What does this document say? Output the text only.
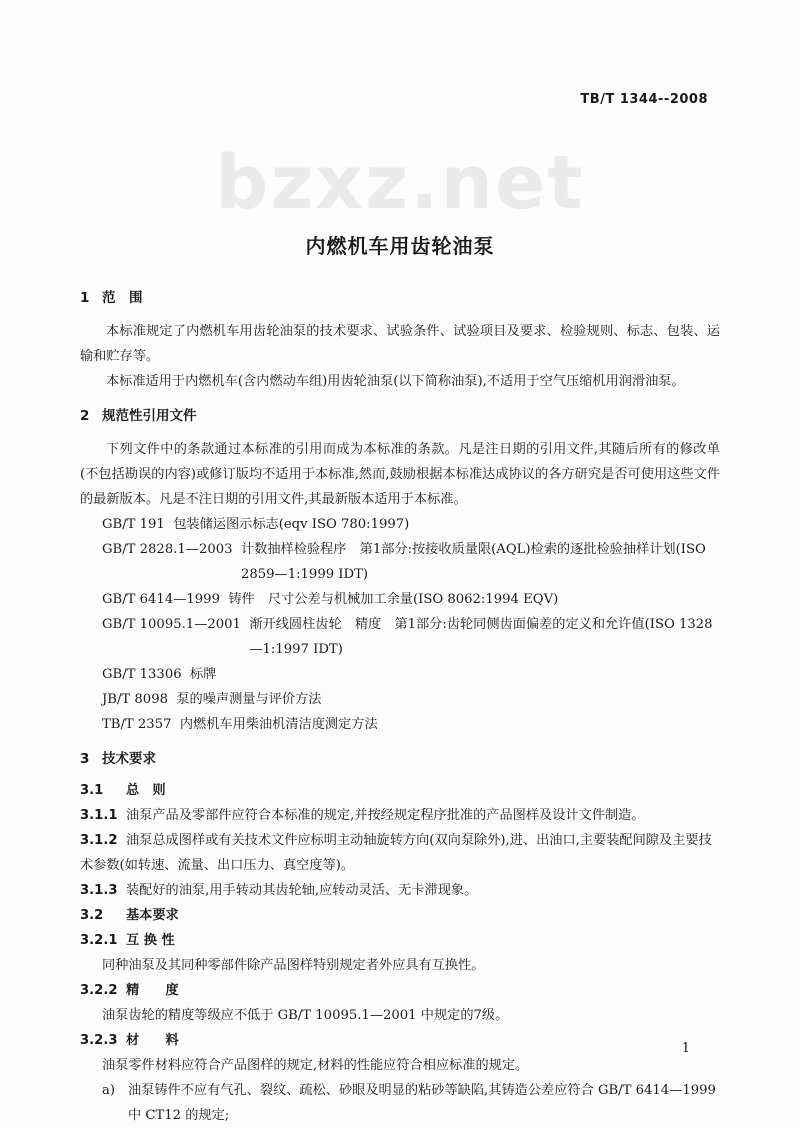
TB/T 1344--2008
bzxz.net
内燃机车用齿轮油泵
1 范　围

本标准规定了内燃机车用齿轮油泵的技术要求、试验条件、试验项目及要求、检验规则、标志、包装、运输和贮存等。

本标准适用于内燃机车(含内燃动车组)用齿轮油泵(以下简称油泵),不适用于空气压缩机用润滑油泵。

2 规范性引用文件

下列文件中的条款通过本标准的引用而成为本标准的条款。凡是注日期的引用文件,其随后所有的修改单(不包括勘误的内容)或修订版均不适用于本标准,然而,鼓励根据本标准达成协议的各方研究是否可使用这些文件的最新版本。凡是不注日期的引用文件,其最新版本适用于本标准。

GB/T 191
包装储运图示标志(eqv ISO 780:1997)
GB/T 2828.1—2003
计数抽样检验程序　第1部分:按接收质量限(AQL)检索的逐批检验抽样计划(ISO 2859—1:1999 IDT)
GB/T 6414—1999
铸件　尺寸公差与机械加工余量(ISO 8062:1994 EQV)
GB/T 10095.1—2001
渐开线圆柱齿轮　精度　第1部分:齿轮同侧齿面偏差的定义和允许值(ISO 1328—1:1997 IDT)
GB/T 13306
标牌
JB/T 8098
泵的噪声测量与评价方法
TB/T 2357
内燃机车用柴油机清洁度测定方法
3 技术要求
3.1 总　则

3.1.1 油泵产品及零部件应符合本标准的规定,并按经规定程序批准的产品图样及设计文件制造。

3.1.2 油泵总成图样或有关技术文件应标明主动轴旋转方向(双向泵除外),进、出油口,主要装配间隙及主要技术参数(如转速、流量、出口压力、真空度等)。

3.1.3 装配好的油泵,用手转动其齿轮轴,应转动灵活、无卡滞现象。

3.2 基本要求
3.2.1 互 换 性

同种油泵及其同种零部件除产品图样特别规定者外应具有互换性。

3.2.2 精　　度

油泵齿轮的精度等级应不低于 GB/T 10095.1—2001 中规定的7级。

3.2.3 材　　料

油泵零件材料应符合产品图样的规定,材料的性能应符合相应标准的规定。

a) 油泵铸件不应有气孔、裂纹、疏松、砂眼及明显的粘砂等缺陷,其铸造公差应符合 GB/T 6414—1999 中 CT12 的规定;
1
